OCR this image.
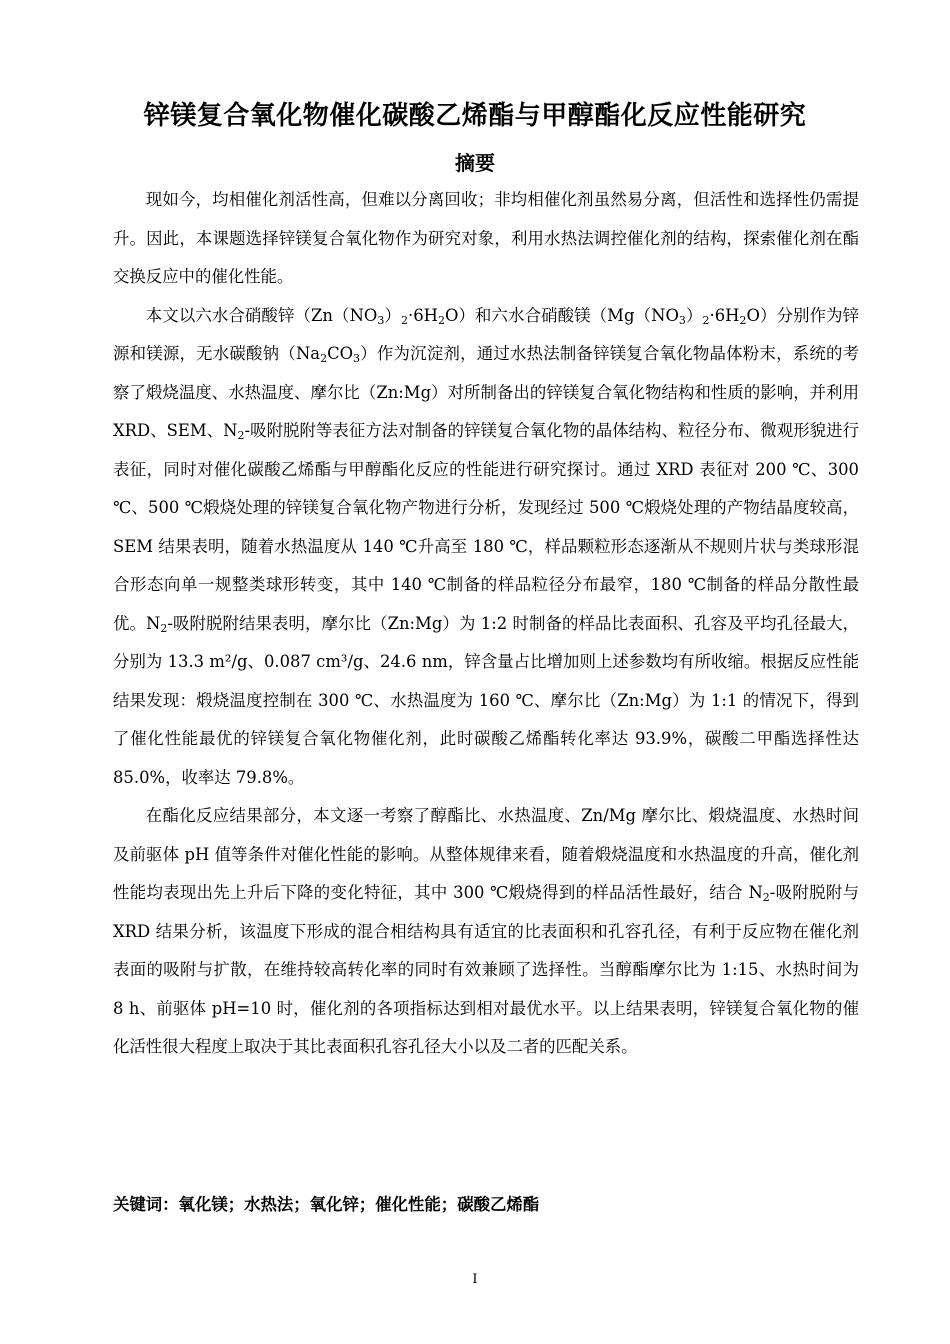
锌镁复合氧化物催化碳酸乙烯酯与甲醇酯化反应性能研究
摘要

现如今，均相催化剂活性高，但难以分离回收；非均相催化剂虽然易分离，但活性和选择性仍需提升。因此，本课题选择锌镁复合氧化物作为研究对象，利用水热法调控催化剂的结构，探索催化剂在酯交换反应中的催化性能。

本文以六水合硝酸锌$(Zn(NO_3)_2\cdot 6H_2O)$和六水合硝酸镁$(Mg(NO_3)_2\cdot 6H_2O)$分别作为锌源和镁源，无水碳酸钠$(Na_2CO_3)$作为沉淀剂，通过水热法制备锌镁复合氧化物晶体粉末，系统的考察了煅烧温度、水热温度、摩尔比（Zn:Mg）对所制备出的锌镁复合氧化物结构和性质的影响，并利用 XRD、SEM、$N_2-$吸附脱附等表征方法对制备的锌镁复合氧化物的晶体结构、粒径分布、微观形貌进行表征，同时对催化碳酸乙烯酯与甲醇酯化反应的性能进行研究探讨。通过 XRD 表征对 200 ℃、300 ℃、500 ℃煅烧处理的锌镁复合氧化物产物进行分析，发现经过 500 ℃煅烧处理的产物结晶度较高，SEM 结果表明，随着水热温度从 140 ℃升高至 180 ℃，样品颗粒形态逐渐从不规则片状与类球形混合形态向单一规整类球形转变，其中 140 ℃制备的样品粒径分布最窄，180 ℃制备的样品分散性最优。$N_2-$吸附脱附结果表明，摩尔比（Zn:Mg）为 1:2 时制备的样品比表面积、孔容及平均孔径最大，分别为 13.3 m²/g、0.087 cm³/g、24.6 nm，锌含量占比增加则上述参数均有所收缩。根据反应性能结果发现：煅烧温度控制在 300 ℃、水热温度为 160 ℃、摩尔比（Zn:Mg）为 1:1 的情况下，得到了催化性能最优的锌镁复合氧化物催化剂，此时碳酸乙烯酯转化率达 93.9%，碳酸二甲酯选择性达 85.0%，收率达 79.8%。

在酯化反应结果部分，本文逐一考察了醇酯比、水热温度、Zn/Mg 摩尔比、煅烧温度、水热时间及前驱体 pH 值等条件对催化性能的影响。从整体规律来看，随着煅烧温度和水热温度的升高，催化剂性能均表现出先上升后下降的变化特征，其中 300 ℃煅烧得到的样品活性最好，结合 $N_2-$吸附脱附与 XRD 结果分析，该温度下形成的混合相结构具有适宜的比表面积和孔容孔径，有利于反应物在催化剂表面的吸附与扩散，在维持较高转化率的同时有效兼顾了选择性。当醇酯摩尔比为 1:15、水热时间为 8 h、前驱体 pH=10 时，催化剂的各项指标达到相对最优水平。以上结果表明，锌镁复合氧化物的催化活性很大程度上取决于其比表面积孔容孔径大小以及二者的匹配关系。

关键词：氧化镁；水热法；氧化锌；催化性能；碳酸乙烯酯
I
